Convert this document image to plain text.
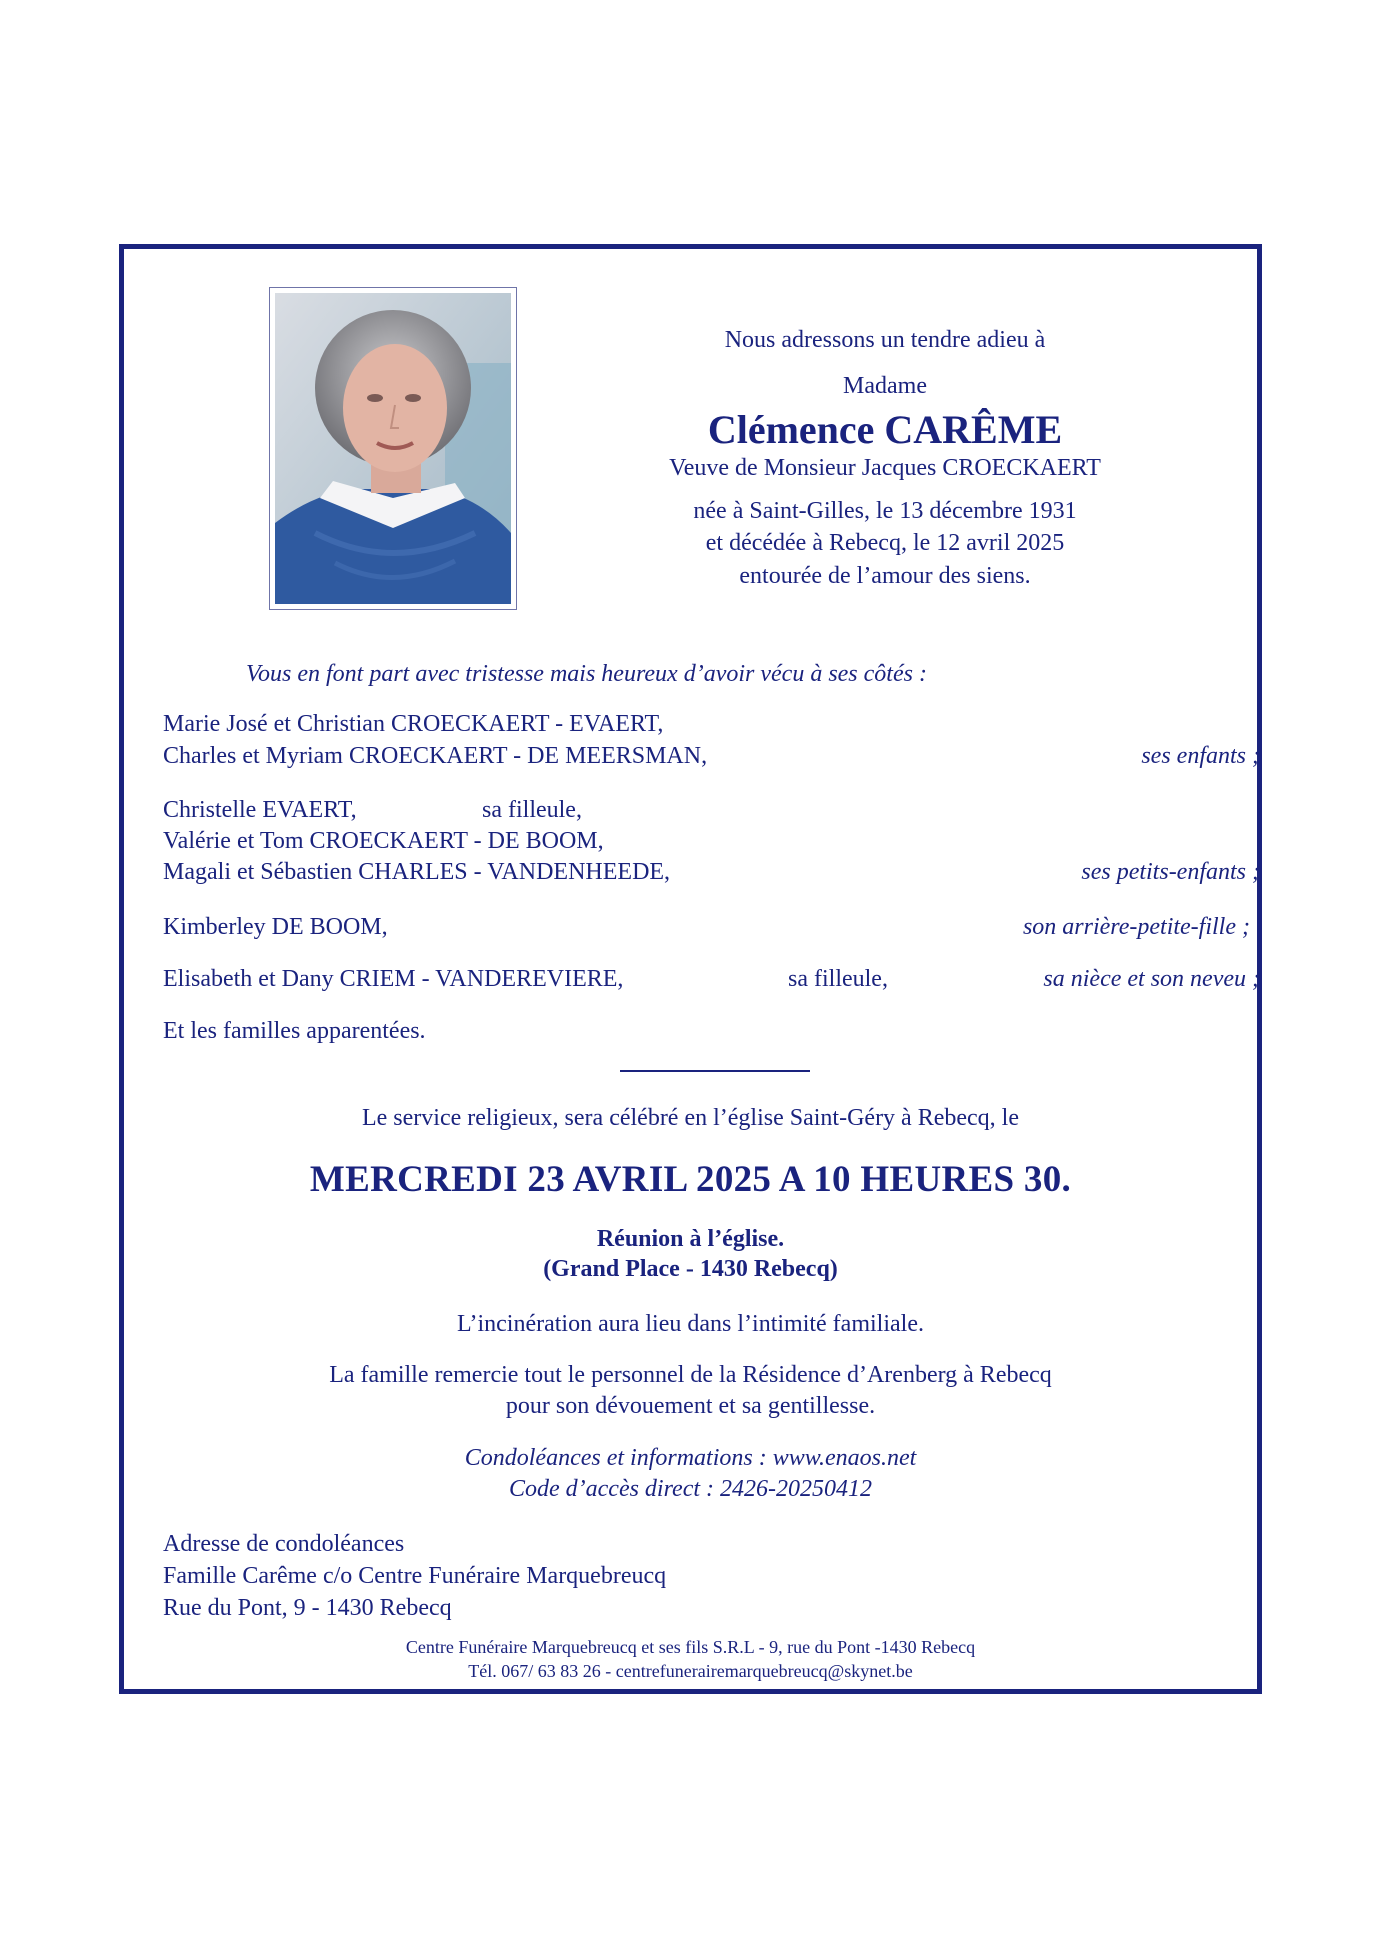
Nous adressons un tendre adieu à
Madame
Clémence CARÊME
Veuve de Monsieur Jacques CROECKAERT
née à Saint-Gilles, le 13 décembre 1931
et décédée à Rebecq, le 12 avril 2025
entourée de l’amour des siens.
Vous en font part avec tristesse mais heureux d’avoir vécu à ses côtés :
Marie José et Christian CROECKAERT - EVAERT,
Charles et Myriam CROECKAERT - DE MEERSMAN,	ses enfants ;
Christelle EVAERT,	sa filleule,
Valérie et Tom CROECKAERT - DE BOOM,
Magali et Sébastien CHARLES - VANDENHEEDE,	ses petits-enfants ;
Kimberley DE BOOM,	son arrière-petite-fille ;
Elisabeth et Dany CRIEM - VANDEREVIERE,	sa filleule,	sa nièce et son neveu ;
Et les familles apparentées.
Le service religieux, sera célébré en l’église Saint-Géry à Rebecq, le
MERCREDI 23 AVRIL 2025 A 10 HEURES 30.
Réunion à l’église.
(Grand Place - 1430 Rebecq)
L’incinération aura lieu dans l’intimité familiale.
La famille remercie tout le personnel de la Résidence d’Arenberg à Rebecq
pour son dévouement et sa gentillesse.
Condoléances et informations : www.enaos.net
Code d’accès direct : 2426-20250412
Adresse de condoléances
Famille Carême c/o Centre Funéraire Marquebreucq
Rue du Pont, 9 - 1430 Rebecq
Centre Funéraire Marquebreucq et ses fils S.R.L - 9, rue du Pont -1430 Rebecq
Tél. 067/ 63 83 26 - centrefunerairemarquebreucq@skynet.be
